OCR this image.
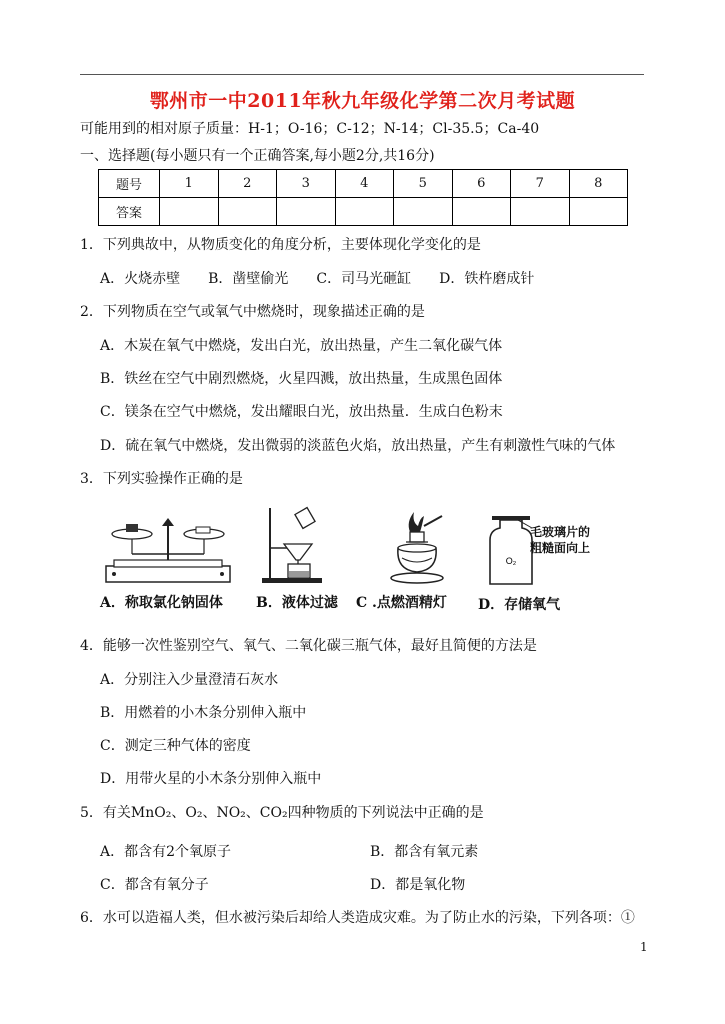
鄂州市一中2011年秋九年级化学第二次月考试题
可能用到的相对原子质量：H-1；O-16；C-12；N-14；Cl-35.5；Ca-40
一、选择题(每小题只有一个正确答案,每小题2分,共16分)
题号	1	2	3	4	5	6	7	8
答案								
1．下列典故中，从物质变化的角度分析，主要体现化学变化的是
A．火烧赤壁　　B．凿壁偷光　　C．司马光砸缸　　D．铁杵磨成针
2．下列物质在空气或氧气中燃烧时，现象描述正确的是
A．木炭在氧气中燃烧，发出白光，放出热量，产生二氧化碳气体
B．铁丝在空气中剧烈燃烧，火星四溅，放出热量，生成黑色固体
C．镁条在空气中燃烧，发出耀眼白光，放出热量．生成白色粉末
D．硫在氧气中燃烧，发出微弱的淡蓝色火焰，放出热量，产生有刺激性气味的气体
3．下列实验操作正确的是
A．称取氯化钠固体 B．液体过滤 C .点燃酒精灯
O₂
毛玻璃片的
粗糙面向上
D．存储氧气
4．能够一次性鉴别空气、氧气、二氧化碳三瓶气体，最好且简便的方法是
A．分别注入少量澄清石灰水
B．用燃着的小木条分别伸入瓶中
C．测定三种气体的密度
D．用带火星的小木条分别伸入瓶中
5．有关MnO₂、O₂、NO₂、CO₂四种物质的下列说法中正确的是
A．都含有2个氧原子	B．都含有氧元素
C．都含有氧分子	D．都是氧化物
6．水可以造福人类，但水被污染后却给人类造成灾难。为了防止水的污染，下列各项：①
1
